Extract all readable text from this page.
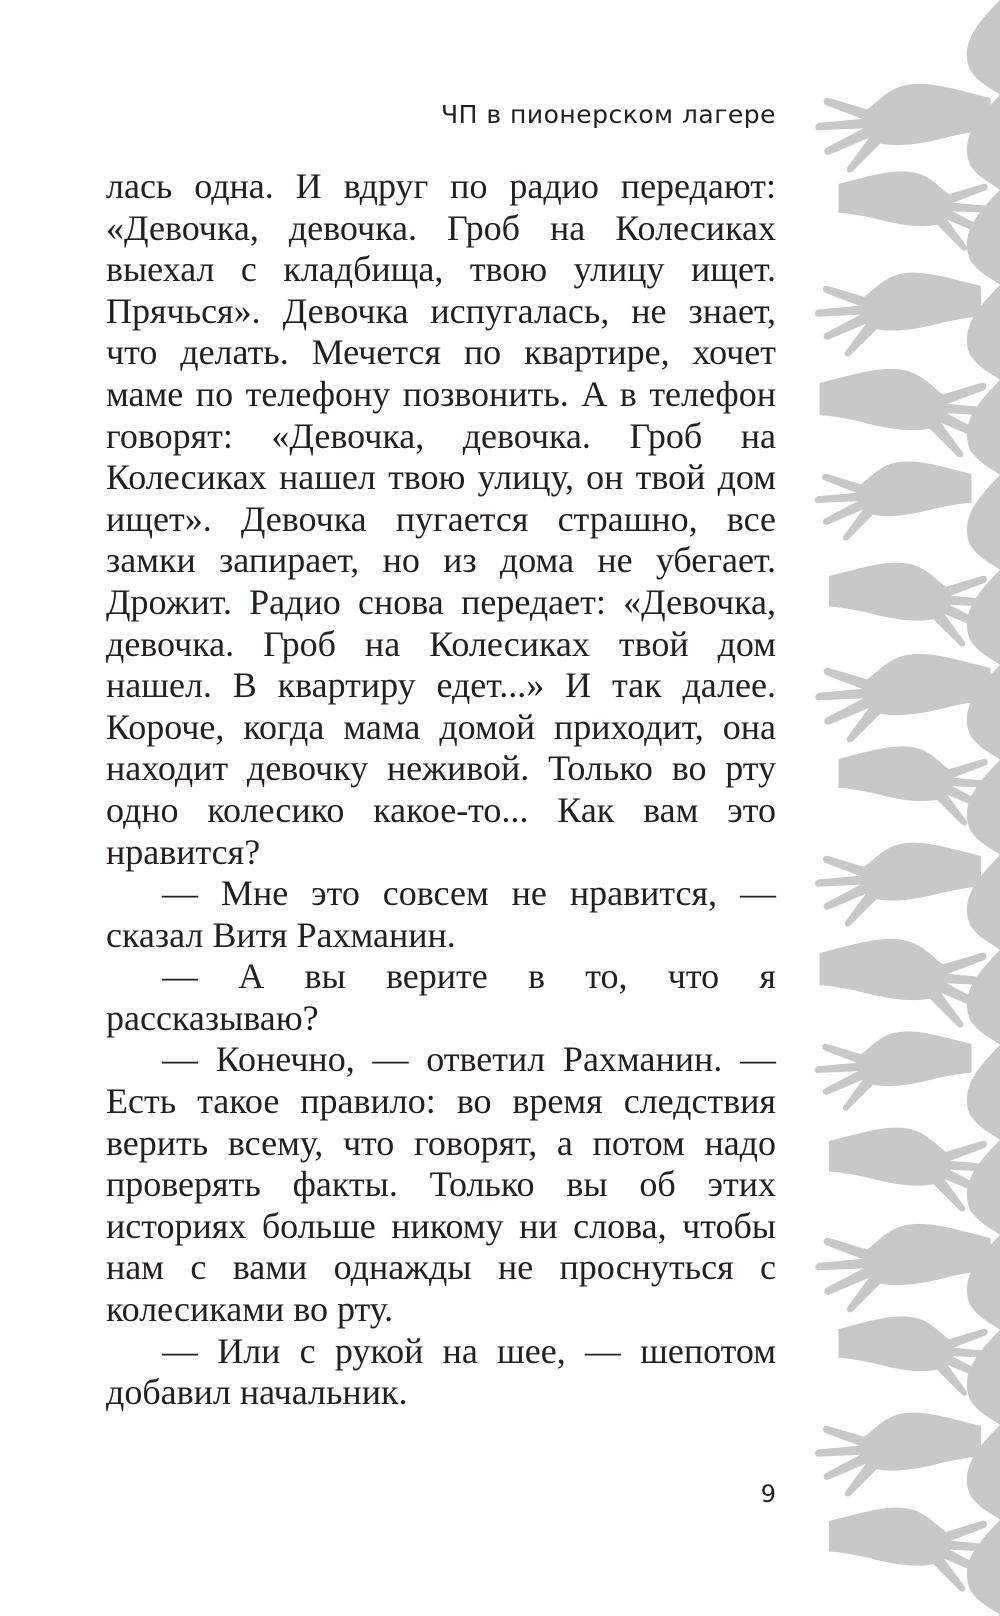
ЧП в пионерском лагере

лась одна. И вдруг по радио передают: «Девочка, девочка. Гроб на Колесиках выехал с кладбища, твою улицу ищет. Прячься». Девочка испугалась, не знает, что делать. Мечется по квартире, хочет маме по телефону позвонить. А в телефон говорят: «Девочка, девочка. Гроб на Колесиках нашел твою улицу, он твой дом ищет». Девочка пугается страшно, все замки запирает, но из дома не убегает. Дрожит. Радио снова передает: «Девочка, девочка. Гроб на Колесиках твой дом нашел. В квартиру едет...» И так далее. Короче, когда мама домой приходит, она находит девочку неживой. Только во рту одно колесико какое-то... Как вам это нравится?

— Мне это совсем не нравится, — сказал Витя Рахманин.

— А вы верите в то, что я рассказываю?

— Конечно, — ответил Рахманин. — Есть такое правило: во время следствия верить всему, что говорят, а потом надо проверять факты. Только вы об этих историях больше никому ни слова, чтобы нам с вами однажды не проснуться с колесиками во рту.

— Или с рукой на шее, — шепотом добавил начальник.

9
